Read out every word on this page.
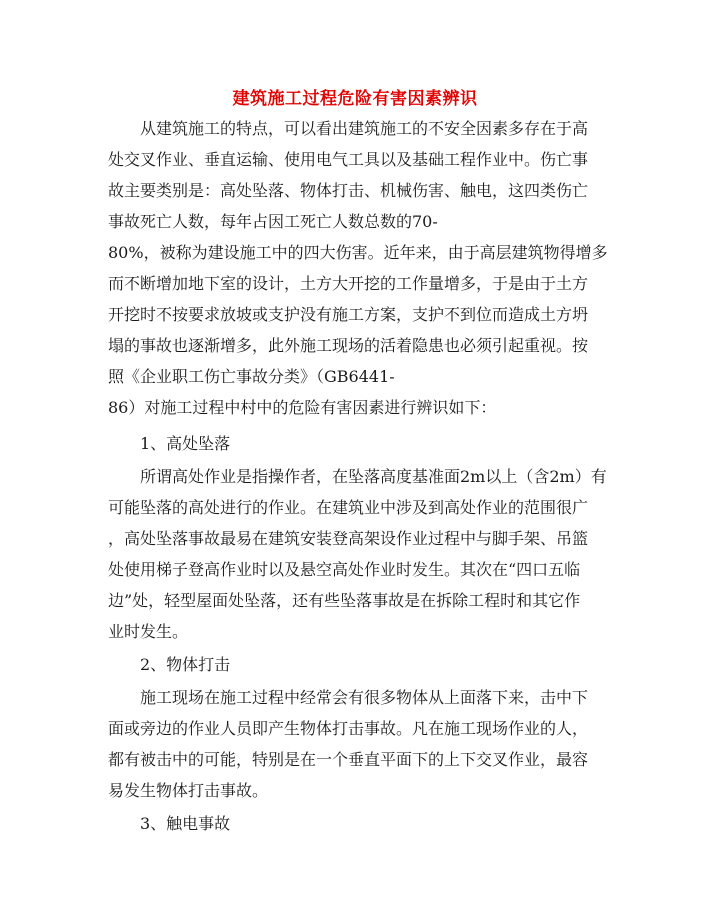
建筑施工过程危险有害因素辨识
从建筑施工的特点，可以看出建筑施工的不安全因素多存在于高
处交叉作业、垂直运输、使用电气工具以及基础工程作业中。伤亡事
故主要类别是：高处坠落、物体打击、机械伤害、触电，这四类伤亡
事故死亡人数，每年占因工死亡人数总数的70-
80%，被称为建设施工中的四大伤害。近年来，由于高层建筑物得增多
而不断增加地下室的设计，土方大开挖的工作量增多，于是由于土方
开挖时不按要求放坡或支护没有施工方案，支护不到位而造成土方坍
塌的事故也逐渐增多，此外施工现场的活着隐患也必须引起重视。按
照《企业职工伤亡事故分类》（GB6441-
86）对施工过程中村中的危险有害因素进行辨识如下：
1、高处坠落
所谓高处作业是指操作者，在坠落高度基准面2m以上（含2m）有
可能坠落的高处进行的作业。在建筑业中涉及到高处作业的范围很广
，高处坠落事故最易在建筑安装登高架设作业过程中与脚手架、吊篮
处使用梯子登高作业时以及悬空高处作业时发生。其次在“四口五临
边”处，轻型屋面处坠落，还有些坠落事故是在拆除工程时和其它作
业时发生。
2、物体打击
施工现场在施工过程中经常会有很多物体从上面落下来，击中下
面或旁边的作业人员即产生物体打击事故。凡在施工现场作业的人，
都有被击中的可能，特别是在一个垂直平面下的上下交叉作业，最容
易发生物体打击事故。
3、触电事故
